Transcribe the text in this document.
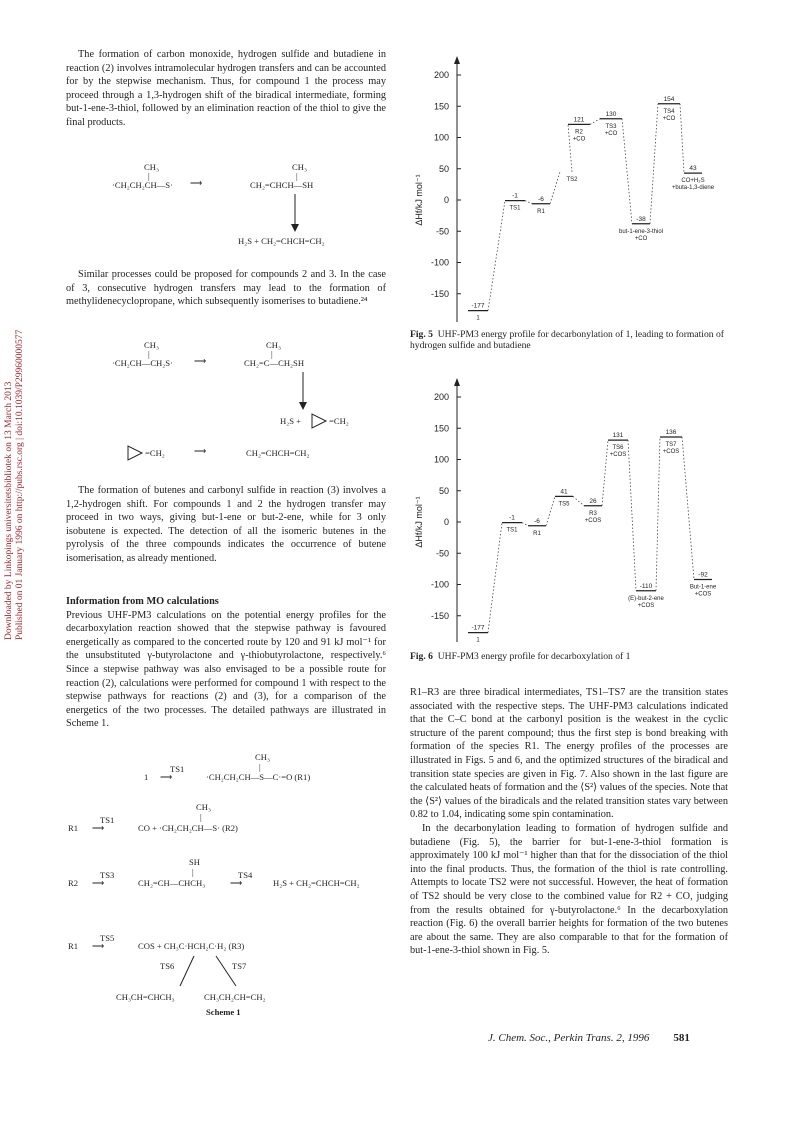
Downloaded by Linkopings universitetsbibliotek on 13 March 2013 Published on 01 January 1996 on http://pubs.rsc.org | doi:10.1039/P29960000577

The formation of carbon monoxide, hydrogen sulfide and butadiene in reaction (2) involves intramolecular hydrogen transfers and can be accounted for by the stepwise mechanism. Thus, for compound 1 the process may proceed through a 1,3-hydrogen shift of the biradical intermediate, forming but-1-ene-3-thiol, followed by an elimination reaction of the thiol to give the final products.

CH₃
|
·CH₂CH₂CH—S· ⟶
CH₃
|
CH₂=CHCH—SH
H₂S + CH₂=CHCH=CH₂

Similar processes could be proposed for compounds 2 and 3. In the case of 3, consecutive hydrogen transfers may lead to the formation of methylidenecyclopropane, which subsequently isomerises to butadiene.²⁴

CH₃
|
·CH₂CH—CH₂S· ⟶
CH₃
|
CH₂=C—CH₂SH
H₂S +	=CH₂
=CH₂	⟶	CH₂=CHCH=CH₂

The formation of butenes and carbonyl sulfide in reaction (3) involves a 1,2-hydrogen shift. For compounds 1 and 2 the hydrogen transfer may proceed in two ways, giving but-1-ene or but-2-ene, while for 3 only isobutene is expected. The detection of all the isomeric butenes in the pyrolysis of the three compounds indicates the occurrence of butene isomerisation, as already mentioned.

Information from MO calculations

Previous UHF-PM3 calculations on the potential energy profiles for the decarboxylation reaction showed that the stepwise pathway is favoured energetically as compared to the concerted route by 120 and 91 kJ mol⁻¹ for the unsubstituted γ-butyrolactone and γ-thiobutyrolactone, respectively.⁶ Since a stepwise pathway was also envisaged to be a possible route for reaction (2), calculations were performed for compound 1 with respect to the stepwise pathways for reactions (2) and (3), for a comparison of the energetics of the two processes. The detailed pathways are illustrated in Scheme 1.

1
TS1
⟶
CH₃
|
·CH₂CH₂CH—S—C·=O (R1)
R1
TS1
⟶
CH₃
|
CO + ·CH₂CH₂CH—S· (R2)
R2
TS3
⟶
SH
|
CH₂=CH—CHCH₃
TS4
⟶	H₂S + CH₂=CHCH=CH₂
R1
TS5
⟶	COS + CH₃C·HCH₂C·H₂ (R3)
TS6	TS7
CH₃CH=CHCH₃	CH₃CH₂CH=CH₂
Scheme 1
200
150
100
50
0
-50
-100
-150
ΔHf/kJ mol⁻¹
-177
1
-1
TS1
-6
R1
TS2
121
R2
+CO
130
TS3
+CO
-38
but-1-ene-3-thiol
+CO
154
TS4
+CO
43
CO+H₂S
+buta-1,3-diene
Fig. 5 UHF-PM3 energy profile for decarbonylation of 1, leading to formation of hydrogen sulfide and butadiene
200
150
100
50
0
-50
-100
-150
ΔHf/kJ mol⁻¹
-177
1
-1
TS1
-6
R1
41
TS5	26
R3
+COS
131
TS6
+COS
-110
(E)-but-2-ene
+COS
136
TS7
+COS
-92
But-1-ene
+COS
Fig. 6 UHF-PM3 energy profile for decarboxylation of 1

R1–R3 are three biradical intermediates, TS1–TS7 are the transition states associated with the respective steps. The UHF-PM3 calculations indicated that the C–C bond at the carbonyl position is the weakest in the cyclic structure of the parent compound; thus the first step is bond breaking with formation of the species R1. The energy profiles of the processes are illustrated in Figs. 5 and 6, and the optimized structures of the biradical and transition state species are given in Fig. 7. Also shown in the last figure are the calculated heats of formation and the ⟨S²⟩ values of the species. Note that the ⟨S²⟩ values of the biradicals and the related transition states vary between 0.82 to 1.04, indicating some spin contamination.

In the decarbonylation leading to formation of hydrogen sulfide and butadiene (Fig. 5), the barrier for but-1-ene-3-thiol formation is approximately 100 kJ mol⁻¹ higher than that for the dissociation of the thiol into the final products. Thus, the formation of the thiol is rate controlling. Attempts to locate TS2 were not successful. However, the heat of formation of TS2 should be very close to the combined value for R2 + CO, judging from the results obtained for γ-butyrolactone.⁶ In the decarboxylation reaction (Fig. 6) the overall barrier heights for formation of the two butenes are about the same. They are also comparable to that for the formation of but-1-ene-3-thiol shown in Fig. 5.

J. Chem. Soc., Perkin Trans. 2, 1996 581
